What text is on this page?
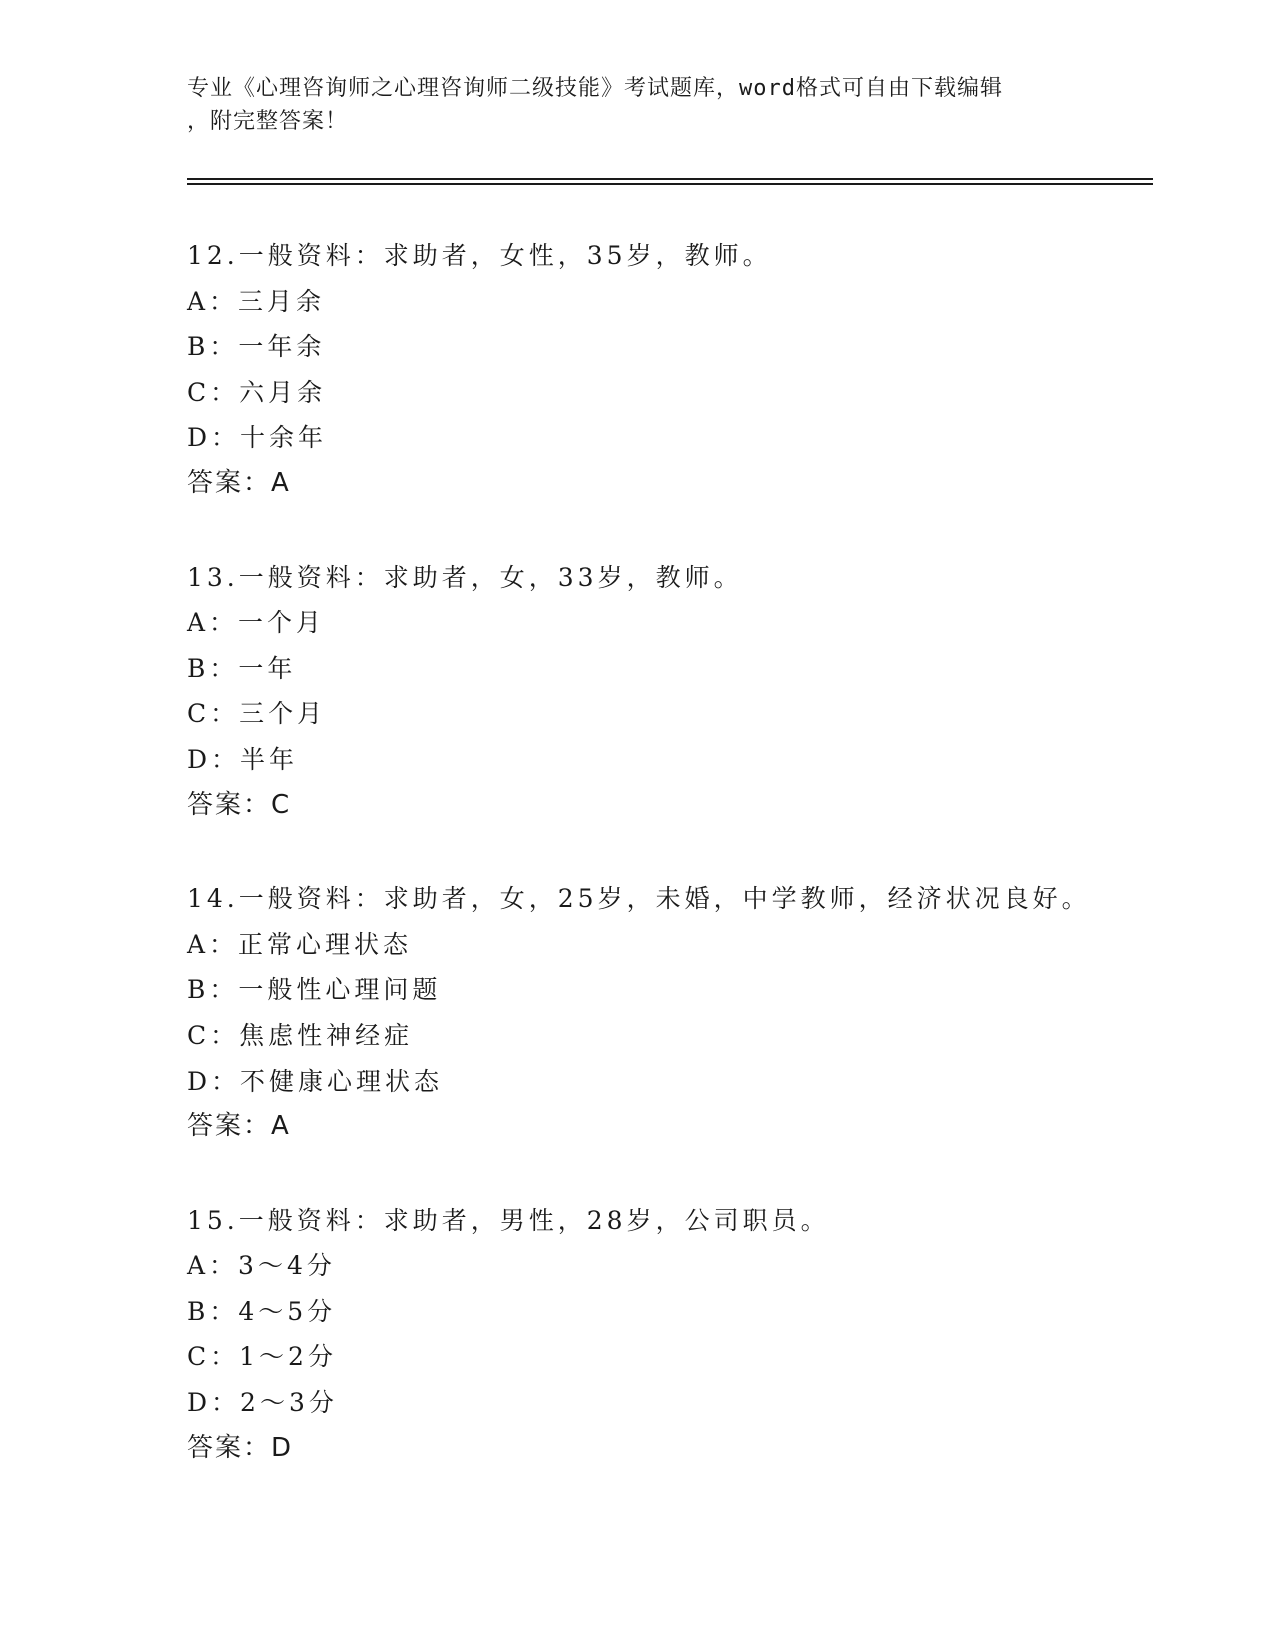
专业《心理咨询师之心理咨询师二级技能》考试题库，word格式可自由下载编辑
，附完整答案！
12.一般资料：求助者，女性，35岁，教师。
A：三月余
B：一年余
C：六月余
D：十余年
答案：A
13.一般资料：求助者，女，33岁，教师。
A：一个月
B：一年
C：三个月
D：半年
答案：C
14.一般资料：求助者，女，25岁，未婚，中学教师，经济状况良好。
A：正常心理状态
B：一般性心理问题
C：焦虑性神经症
D：不健康心理状态
答案：A
15.一般资料：求助者，男性，28岁，公司职员。
A：3～4分
B：4～5分
C：1～2分
D：2～3分
答案：D
